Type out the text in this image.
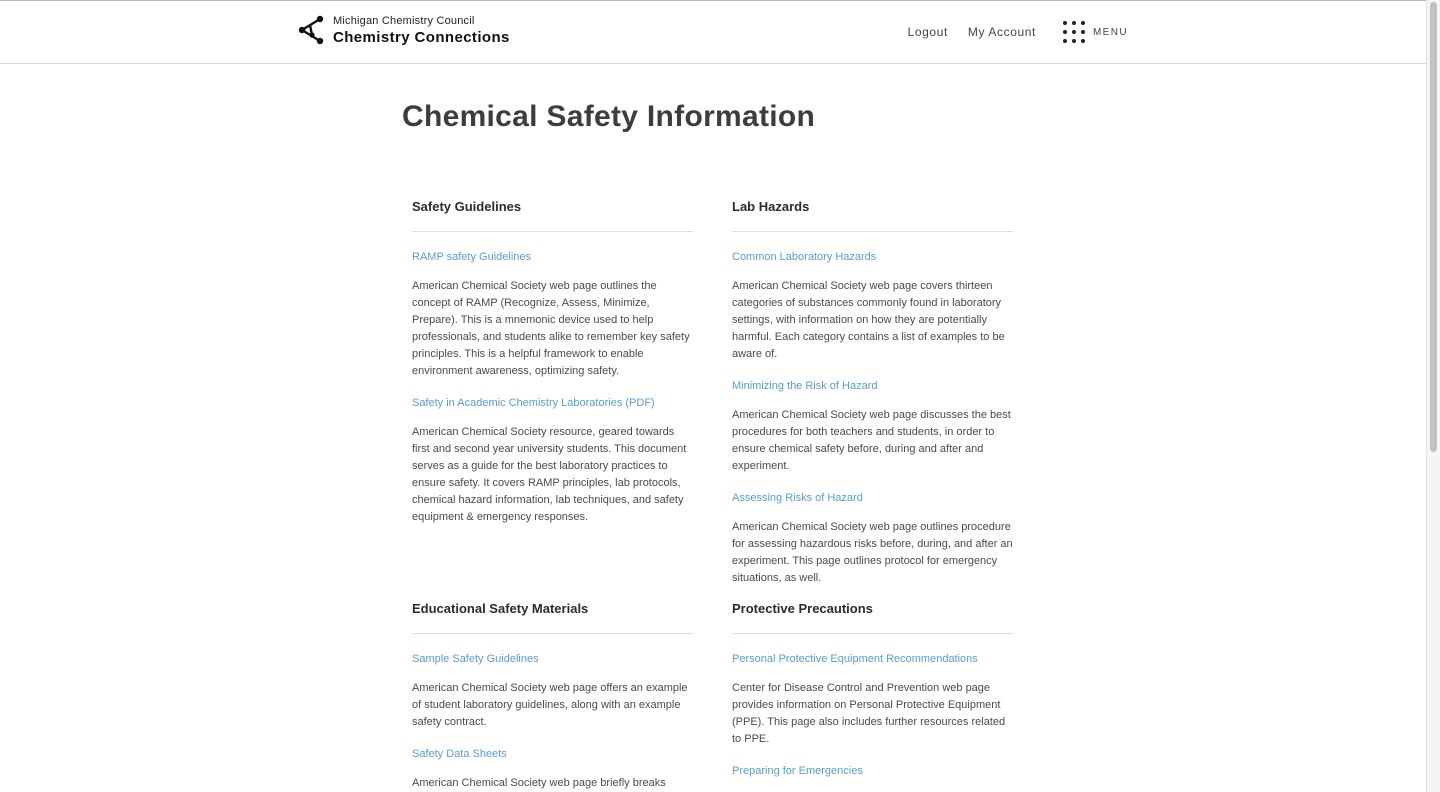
Michigan Chemistry Council
Chemistry Connections	Logout My Account	MENU
Chemical Safety Information
Safety Guidelines
RAMP safety Guidelines

American Chemical Society web page outlines the concept of RAMP (Recognize, Assess, Minimize, Prepare). This is a mnemonic device used to help professionals, and students alike to remember key safety principles. This is a helpful framework to enable environment awareness, optimizing safety.

Safety in Academic Chemistry Laboratories (PDF)

American Chemical Society resource, geared towards first and second year university students. This document serves as a guide for the best laboratory practices to ensure safety. It covers RAMP principles, lab protocols, chemical hazard information, lab techniques, and safety equipment & emergency responses.

Lab Hazards
Common Laboratory Hazards

American Chemical Society web page covers thirteen categories of substances commonly found in laboratory settings, with information on how they are potentially harmful. Each category contains a list of examples to be aware of.

Minimizing the Risk of Hazard

American Chemical Society web page discusses the best procedures for both teachers and students, in order to ensure chemical safety before, during and after and experiment.

Assessing Risks of Hazard

American Chemical Society web page outlines procedure for assessing hazardous risks before, during, and after an experiment. This page outlines protocol for emergency situations, as well.

Educational Safety Materials
Sample Safety Guidelines

American Chemical Society web page offers an example of student laboratory guidelines, along with an example safety contract.

Safety Data Sheets

American Chemical Society web page briefly breaks

Protective Precautions
Personal Protective Equipment Recommendations

Center for Disease Control and Prevention web page provides information on Personal Protective Equipment (PPE). This page also includes further resources related to PPE.

Preparing for Emergencies
